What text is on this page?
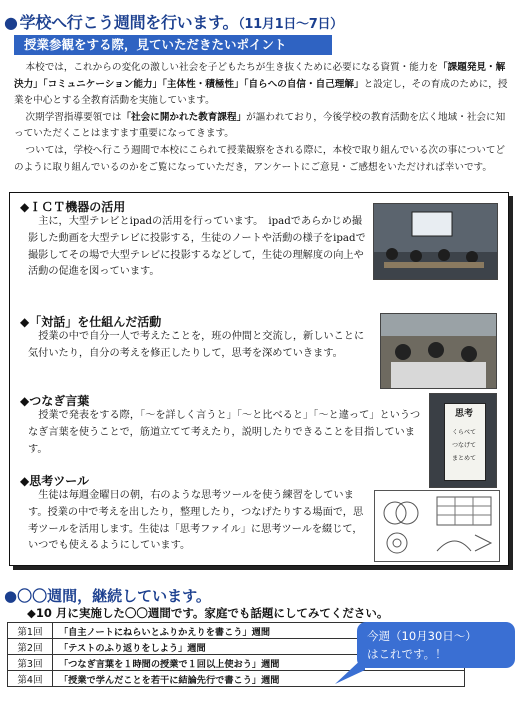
● 学校へ行こう週間を行います。（11月1日〜7日）
授業参観をする際，見ていただきたいポイント

本校では，これからの変化の激しい社会を子どもたちが生き抜くために必要になる資質・能力を「課題発見・解決力」「コミュニケーション能力」「主体性・積極性」「自らへの自信・自己理解」と設定し，その育成のために，授業を中心とする全教育活動を実施しています。

次期学習指導要領では「社会に開かれた教育課程」が謳われており，今後学校の教育活動を広く地域・社会に知っていただくことはますます重要になってきます。

ついては，学校へ行こう週間で本校にこられて授業観察をされる際に，本校で取り組んでいる次の事についてどのように取り組んでいるのかをご覧になっていただき，アンケートにご意見・ご感想をいただければ幸いです。

◆ＩＣＴ機器の活用

主に，大型テレビとipadの活用を行っています。　ipadであらかじめ撮影した動画を大型テレビに投影する，生徒のノートや活動の様子をipadで撮影してその場で大型テレビに投影するなどして，生徒の理解度の向上や活動の促進を図っています。

◆「対話」を仕組んだ活動

授業の中で自分一人で考えたことを，班の仲間と交流し，新しいことに気付いたり，自分の考えを修正したりして，思考を深めていきます。

◆つなぎ言葉

授業で発表をする際，「〜を詳しく言うと」「〜と比べると」「〜と違って」というつなぎ言葉を使うことで，筋道立てて考えたり，説明したりできることを目指しています。

思考
くらべて
つなげて
まとめて
◆思考ツール

生徒は毎週金曜日の朝，右のような思考ツールを使う練習をしています。授業の中で考えを出したり，整理したり，つなげたりする場面で，思考ツールを活用します。生徒は「思考ファイル」に思考ツールを綴じて，いつでも使えるようにしています。

●〇〇週間，継続しています。
◆10 月に実施した〇〇週間です。家庭でも話題にしてみてください。
第1回	「自主ノートにねらいとふりかえりを書こう」週間
第2回	「テストのふり返りをしよう」週間
第3回	「つなぎ言葉を１時間の授業で１回以上使おう」週間
第4回	「授業で学んだことを若干に結論先行で書こう」週間
今週（10月30日〜）
はこれです。！
